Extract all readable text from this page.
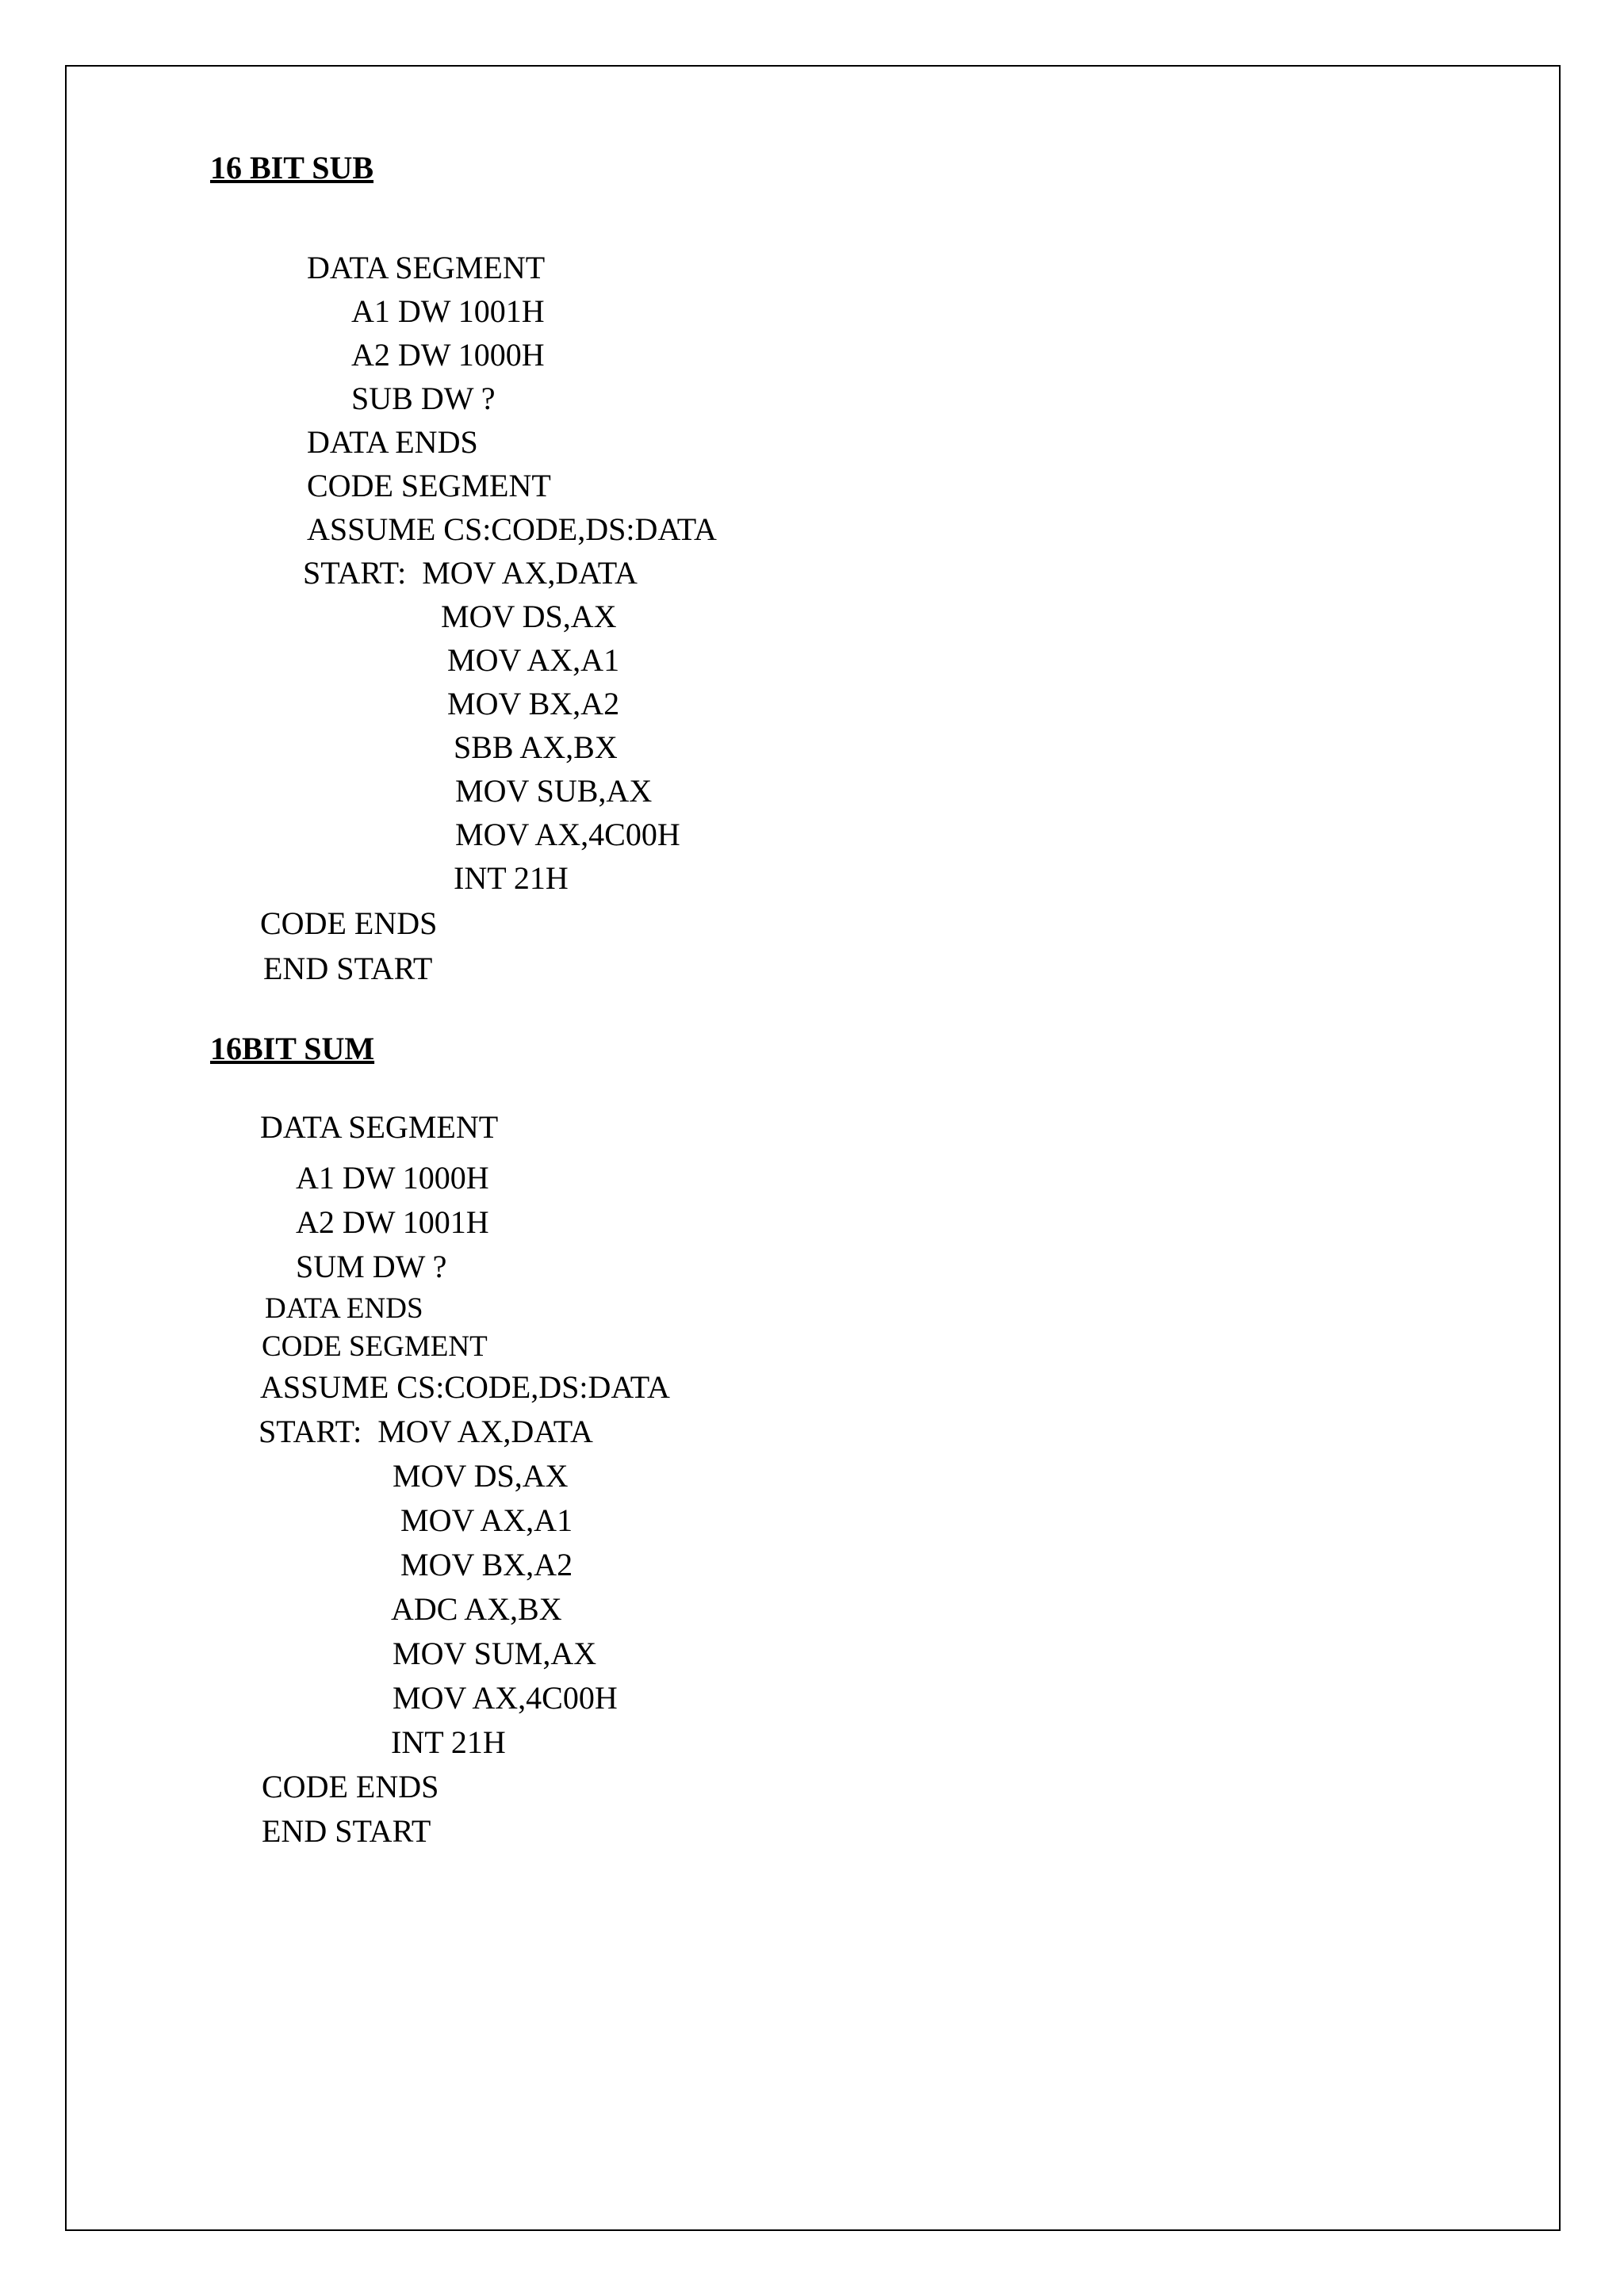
16 BIT SUB
DATA SEGMENT
A1 DW 1001H
A2 DW 1000H
SUB DW ?
DATA ENDS
CODE SEGMENT
ASSUME CS:CODE,DS:DATA
START:  MOV AX,DATA
MOV DS,AX
MOV AX,A1
MOV BX,A2
SBB AX,BX
MOV SUB,AX
MOV AX,4C00H
INT 21H
CODE ENDS
END START
16BIT SUM
DATA SEGMENT
A1 DW 1000H
A2 DW 1001H
SUM DW ?
DATA ENDS
CODE SEGMENT
ASSUME CS:CODE,DS:DATA
START:  MOV AX,DATA
MOV DS,AX
MOV AX,A1
MOV BX,A2
ADC AX,BX
MOV SUM,AX
MOV AX,4C00H
INT 21H
CODE ENDS
END START
